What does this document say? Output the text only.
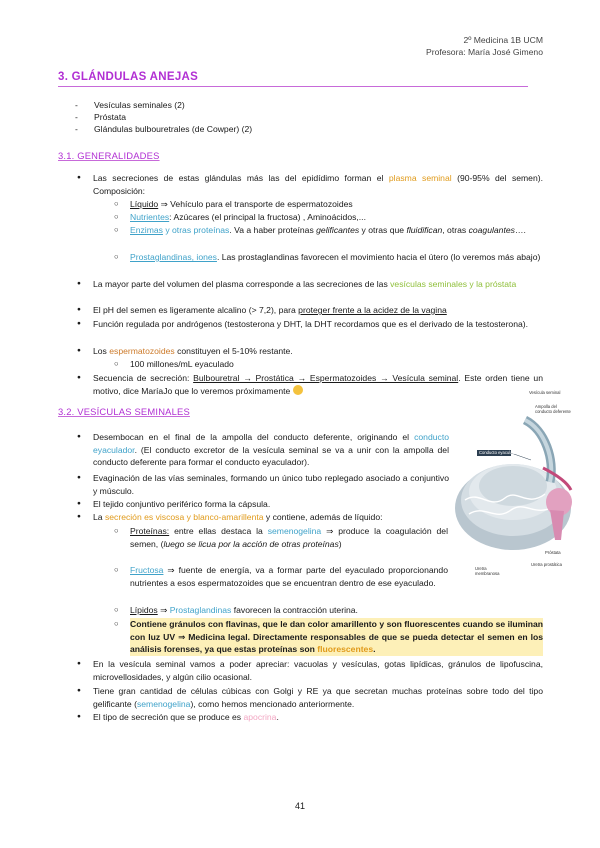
2º Medicina 1B UCM
Profesora: María José Gimeno
3. GLÁNDULAS ANEJAS
- Vesículas seminales (2)
- Próstata
- Glándulas bulbouretrales (de Cowper) (2)
3.1. GENERALIDADES
● Las secreciones de estas glándulas más las del epidídimo forman el plasma seminal (90-95% del semen). Composición:
○ Líquido ⇒ Vehículo para el transporte de espermatozoides
○ Nutrientes: Azúcares (el principal la fructosa) , Aminoácidos,...
○ Enzimas y otras proteínas. Va a haber proteínas gelificantes y otras que fluidifican, otras coagulantes….
○ Prostaglandinas, iones. Las prostaglandinas favorecen el movimiento hacia el útero (lo veremos más abajo)
● La mayor parte del volumen del plasma corresponde a las secreciones de las vesículas seminales y la próstata
● El pH del semen es ligeramente alcalino (> 7,2), para proteger frente a la acidez de la vagina
● Función regulada por andrógenos (testosterona y DHT, la DHT recordamos que es el derivado de la testosterona).
● Los espermatozoides constituyen el 5-10% restante.
○ 100 millones/mL eyaculado
● Secuencia de secreción: Bulbouretral → Prostática → Espermatozoides → Vesícula seminal. Este orden tiene un motivo, dice MaríaJo que lo veremos próximamente
3.2. VESÍCULAS SEMINALES
● Desembocan en el final de la ampolla del conducto deferente, originando el conducto eyaculador. (El conducto excretor de la vesícula seminal se va a unir con la ampolla del conducto deferente para formar el conducto eyaculador).
● Evaginación de las vías seminales, formando un único tubo replegado asociado a conjuntivo y músculo.
● El tejido conjuntivo periférico forma la cápsula.
● La secreción es viscosa y blanco-amarillenta y contiene, además de líquido:
○ Proteínas: entre ellas destaca la semenogelina ⇒ produce la coagulación del semen, (luego se licua por la acción de otras proteínas)
○ Fructosa ⇒ fuente de energía, va a formar parte del eyaculado proporcionando nutrientes a esos espermatozoides que se encuentran dentro de ese eyaculado.
○ Lípidos ⇒ Prostaglandinas favorecen la contracción uterina.
○ Contiene gránulos con flavinas, que le dan color amarillento y son fluorescentes cuando se iluminan con luz UV ⇒ Medicina legal. Directamente responsables de que se pueda detectar el semen en los análisis forenses, ya que estas proteínas son fluorescentes.
● En la vesícula seminal vamos a poder apreciar: vacuolas y vesículas, gotas lipídicas, gránulos de lipofuscina, microvellosidades, y algún cilio ocasional.
● Tiene gran cantidad de células cúbicas con Golgi y RE ya que secretan muchas proteínas sobre todo del tipo gelificante (semenogelina), como hemos mencionado anteriormente.
● El tipo de secreción que se produce es apocrina.
Vesícula seminal
Ampolla del conducto deferente
Conducto eyaculador
Próstata
Uretra prostática
Uretra membranosa
41
